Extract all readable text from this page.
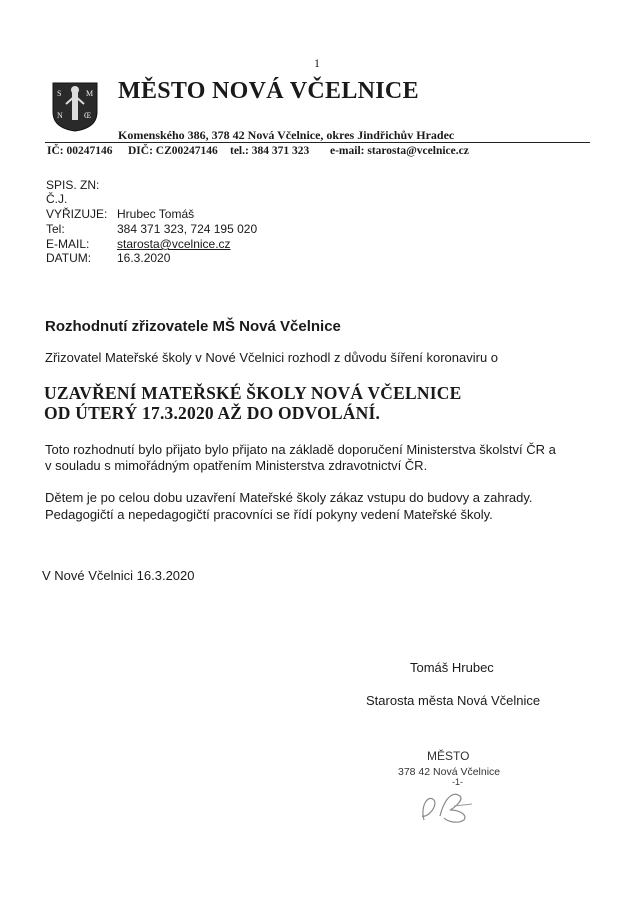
1
S	M
N	Œ
MĚSTO NOVÁ VČELNICE
Komenského 386, 378 42 Nová Včelnice, okres Jindřichův Hradec
IČ: 00247146 DIČ: CZ00247146 tel.: 384 371 323 e-mail: starosta@vcelnice.cz
SPIS. ZN:
Č.J.
VYŘIZUJE: Hrubec Tomáš
Tel:	384 371 323, 724 195 020
E-MAIL: starosta@vcelnice.cz
DATUM: 16.3.2020
Rozhodnutí zřizovatele MŠ Nová Včelnice
Zřizovatel Mateřské školy v Nové Včelnici rozhodl z důvodu šíření koronaviru o
UZAVŘENÍ MATEŘSKÉ ŠKOLY NOVÁ VČELNICE
OD ÚTERÝ 17.3.2020 AŽ DO ODVOLÁNÍ.
Toto rozhodnutí bylo přijato bylo přijato na základě doporučení Ministerstva školství ČR a
v souladu s mimořádným opatřením Ministerstva zdravotnictví ČR.
Dětem je po celou dobu uzavření Mateřské školy zákaz vstupu do budovy a zahrady.
Pedagogičtí a nepedagogičtí pracovníci se řídí pokyny vedení Mateřské školy.
V Nové Včelnici 16.3.2020
Tomáš Hrubec
Starosta města Nová Včelnice
MĚSTO
378 42 Nová Včelnice
-1-
